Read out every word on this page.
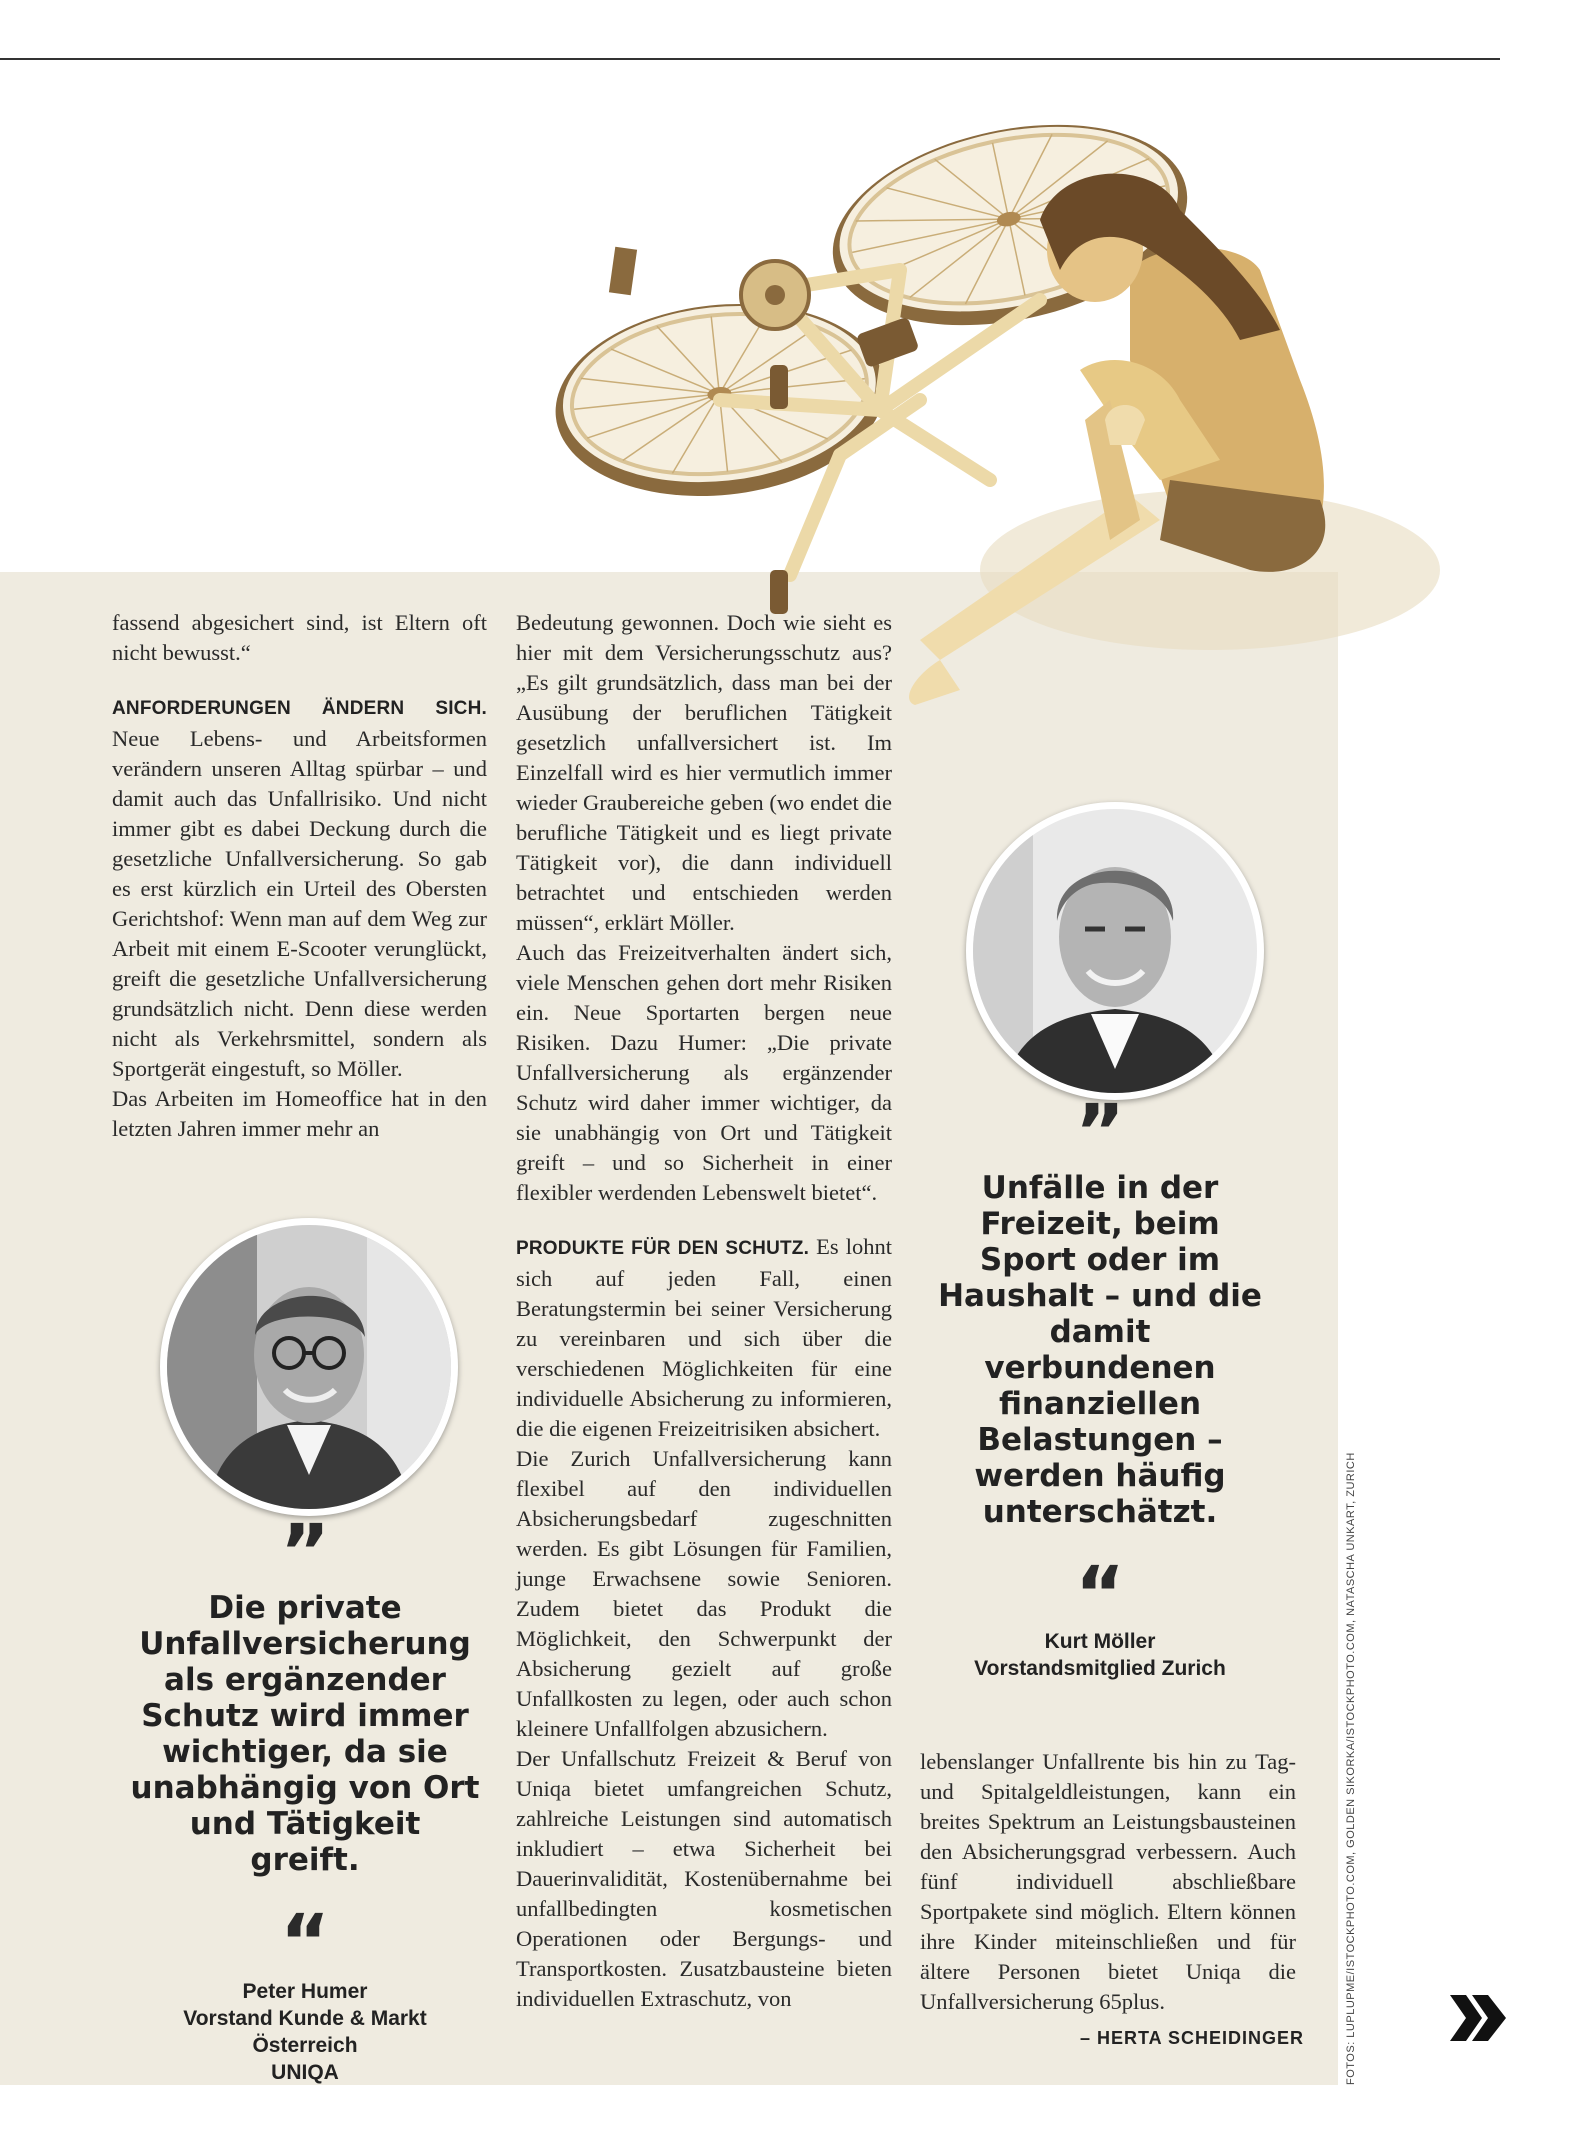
fassend abgesichert sind, ist Eltern oft nicht bewusst.“

ANFORDERUNGEN ÄNDERN SICH. Neue Lebens- und Arbeitsformen verändern unseren Alltag spürbar – und damit auch das Unfallrisiko. Und nicht immer gibt es dabei Deckung durch die gesetzliche Unfallversicherung. So gab es erst kürzlich ein Urteil des Obersten Gerichtshof: Wenn man auf dem Weg zur Arbeit mit einem E-Scooter verunglückt, greift die gesetzliche Unfallversicherung grundsätzlich nicht. Denn diese werden nicht als Verkehrsmittel, sondern als Sportgerät eingestuft, so Möller.

Das Arbeiten im Homeoffice hat in den letzten Jahren immer mehr an

Bedeutung gewonnen. Doch wie sieht es hier mit dem Versicherungsschutz aus? „Es gilt grundsätzlich, dass man bei der Ausübung der beruflichen Tätigkeit gesetzlich unfallversichert ist. Im Einzelfall wird es hier vermutlich immer wieder Graubereiche geben (wo endet die berufliche Tätigkeit und es liegt private Tätigkeit vor), die dann individuell betrachtet und entschieden werden müssen“, erklärt Möller.

Auch das Freizeitverhalten ändert sich, viele Menschen gehen dort mehr Risiken ein. Neue Sportarten bergen neue Risiken. Dazu Humer: „Die private Unfallversicherung als ergänzender Schutz wird daher immer wichtiger, da sie unabhängig von Ort und Tätigkeit greift – und so Sicherheit in einer flexibler werdenden Lebenswelt bietet“.

PRODUKTE FÜR DEN SCHUTZ. Es lohnt sich auf jeden Fall, einen Beratungstermin bei seiner Versicherung zu vereinbaren und sich über die verschiedenen Möglichkeiten für eine individuelle Absicherung zu informieren, die die eigenen Freizeitrisiken absichert.

Die Zurich Unfallversicherung kann flexibel auf den individuellen Absicherungsbedarf zugeschnitten werden. Es gibt Lösungen für Familien, junge Erwachsene sowie Senioren. Zudem bietet das Produkt die Möglichkeit, den Schwerpunkt der Absicherung gezielt auf große Unfallkosten zu legen, oder auch schon kleinere Unfallfolgen abzusichern.

Der Unfallschutz Freizeit & Beruf von Uniqa bietet umfangreichen Schutz, zahlreiche Leistungen sind automatisch inkludiert – etwa Sicherheit bei Dauerinvalidität, Kostenübernahme bei unfallbedingten kosmetischen Operationen oder Bergungs- und Transportkosten. Zusatzbausteine bieten individuellen Extraschutz, von

lebenslanger Unfallrente bis hin zu Tag- und Spitalgeldleistungen, kann ein breites Spektrum an Leistungsbausteinen den Absicherungsgrad verbessern. Auch fünf individuell abschließbare Sportpakete sind möglich. Eltern können ihre Kinder miteinschließen und für ältere Personen bietet Uniqa die Unfallversicherung 65plus.

– HERTA SCHEIDINGER
”
Die private Unfallversicherung als ergänzender Schutz wird immer wichtiger, da sie unabhängig von Ort und Tätigkeit greift.
“
Peter Humer
Vorstand Kunde & Markt Österreich
UNIQA
”
Unfälle in der Freizeit, beim Sport oder im Haushalt – und die damit verbundenen finanziellen Belastungen – werden häufig unterschätzt.
“
Kurt Möller
Vorstandsmitglied Zurich	FOTOS: LUPLUPME/ISTOCKPHOTO.COM, GOLDEN SIKORKA/ISTOCKPHOTO.COM, NATASCHA UNKART, ZURICH
